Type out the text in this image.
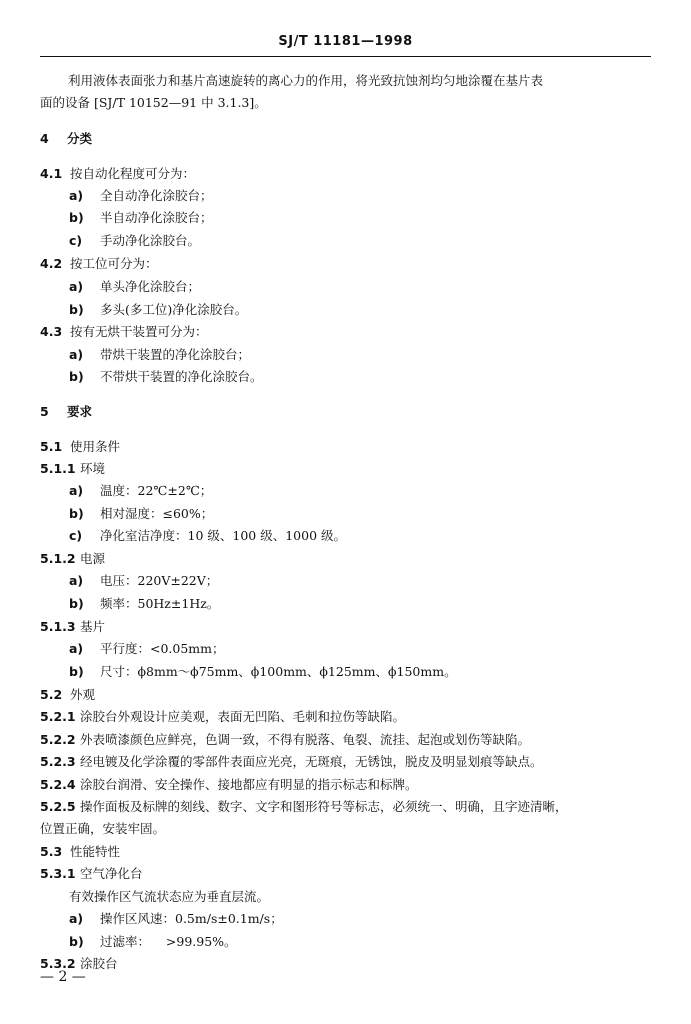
SJ/T 11181—1998
利用液体表面张力和基片高速旋转的离心力的作用，将光致抗蚀剂均匀地涂覆在基片表
面的设备 [SJ/T 10152—91 中 3.1.3]。
4 分类
4.1 按自动化程度可分为：
a) 全自动净化涂胶台；
b) 半自动净化涂胶台；
c) 手动净化涂胶台。
4.2 按工位可分为：
a) 单头净化涂胶台；
b) 多头(多工位)净化涂胶台。
4.3 按有无烘干装置可分为：
a) 带烘干装置的净化涂胶台；
b) 不带烘干装置的净化涂胶台。
5 要求
5.1 使用条件
5.1.1 环境
a) 温度：22℃±2℃；
b) 相对湿度：≤60%；
c) 净化室洁净度：10 级、100 级、1000 级。
5.1.2 电源
a) 电压：220V±22V；
b) 频率：50Hz±1Hz。
5.1.3 基片
a) 平行度：<0.05mm；
b) 尺寸：ϕ8mm～ϕ75mm、ϕ100mm、ϕ125mm、ϕ150mm。
5.2 外观
5.2.1 涂胶台外观设计应美观，表面无凹陷、毛刺和拉伤等缺陷。
5.2.2 外表喷漆颜色应鲜亮，色调一致，不得有脱落、龟裂、流挂、起泡或划伤等缺陷。
5.2.3 经电镀及化学涂覆的零部件表面应光亮，无斑痕，无锈蚀，脱皮及明显划痕等缺点。
5.2.4 涂胶台润滑、安全操作、接地都应有明显的指示标志和标牌。
5.2.5 操作面板及标牌的刻线、数字、文字和图形符号等标志，必须统一、明确，且字迹清晰，
位置正确，安装牢固。
5.3 性能特性
5.3.1 空气净化台
有效操作区气流状态应为垂直层流。
a) 操作区风速：0.5m/s±0.1m/s；
b) 过滤率：    >99.95%。
5.3.2 涂胶台
— 2 —
